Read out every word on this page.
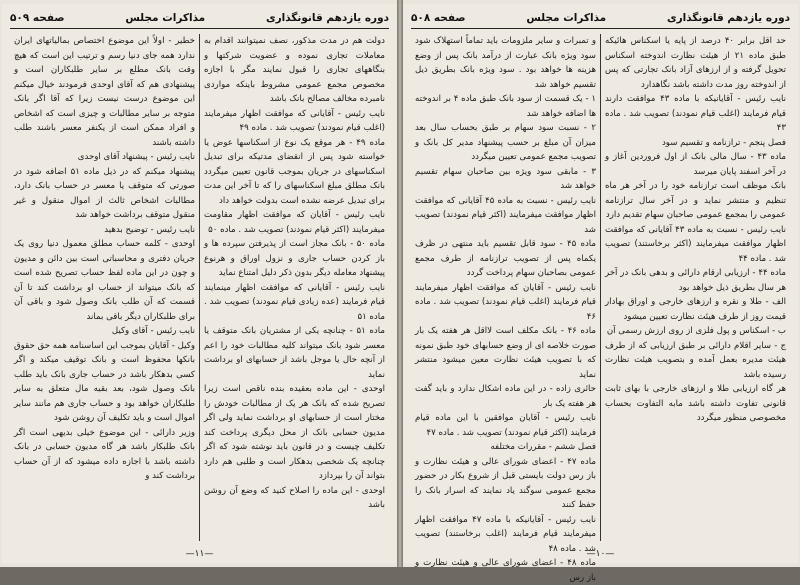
دوره یازدهم قانونگذاری
مذاکرات مجلس
صفحه ۵۰۹

دولت هم در مدت مذکور، نصف نمیتوانند اقدام به معاملات تجاری نموده و عضویت شرکتها و بنگاههای تجاری را قبول نمایند مگر با اجازه مخصوص مجمع عمومی مشروط باینکه مواردی نامبرده مخالف مصالح بانک باشد

نایب رئیس - آقایانی که موافقت اظهار میفرمایند (اغلب قیام نمودند) تصویب شد . ماده ۴۹

ماده ۴۹ - هر موقع یک نوع از اسکناسها عوض یا خواسته شود پس از انقضای مدتیکه برای تبدیل اسکناسهای در جریان بموجب قانون تعیین میگردد بانک مطلق مبلغ اسکناسهای را که تا آخر این مدت برای تبدیل عرضه نشده است بدولت خواهد داد

نایب رئیس - آقایان که موافقت اظهار مقاومت میفرمایند (اکثر قیام نمودند) تصویب شد . ماده ۵۰

ماده ۵۰ - بانک مجاز است از پذیرفتن سپرده ها و باز کردن حساب جاری و نزول اوراق و هرنوع پیشنهاد معامله دیگر بدون ذکر دلیل امتناع نماید

نایب رئیس - آقایانی که موافقت اظهار مینمایند قیام فرمایند (عده زیادی قیام نمودند) تصویب شد . ماده ۵۱

ماده ۵۱ - چنانچه یکی از مشتریان بانک متوقف یا معسر شود بانک میتواند کلیه مطالبات خود را اعم از آنچه حال یا موجل باشد از حسابهای او برداشت نماید

اوحدی - این ماده بعقیده بنده ناقص است زیرا تصریح شده که بانک هر یک از مطالبات خودش را مختار است از حسابهای او برداشت نماید ولی اگر مدیون حسابی بانک از محل دیگری پرداخت کند تکلیف چیست و در قانون باید نوشته شود که اگر چنانچه یک شخصی بدهکار است و طلبی هم دارد بتواند آن را بپردازد

اوحدی - این ماده را اصلاح کنید که وضع آن روشن باشد

خطیر - اولاً این موضوع اختصاص بمالیاتهای ایران ندارد همه جای دنیا رسم و ترتیب این است که هیچ وقت بانک مطلع بر سایر طلبکاران است و پیشنهادی هم که آقای اوحدی فرمودند خیال میکنم این موضوع درست نیست زیرا که آقا اگر بانک متوجه بر سایر مطالبات و چیزی است که اشخاص و افراد ممکن است از یکنفر معسر باشند طلب داشته باشند

نایب رئیس - پیشنهاد آقای اوحدی

پیشنهاد میکنم که در ذیل ماده ۵۱ اضافه شود در صورتی که متوقف یا معسر در حساب بانک دارد، مطالبات اشخاص ثالث از اموال منقول و غیر منقول متوقف برداشت خواهد شد

نایب رئیس - توضیح بدهید

اوحدی - کلمه حساب مطلق معمول دنیا روی یک جریان دفتری و محاسباتی است بین دائن و مدیون و چون در این ماده لفظ حساب تصریح شده است که بانک میتواند از حساب او برداشت کند تا آن قسمت که آن طلب بانک وصول شود و باقی آن برای طلبکاران دیگر باقی بماند

نایب رئیس - آقای وکیل

وکیل - آقایان بموجب این اساسنامه همه حق حقوق بانکها محفوظ است و بانک توقیف میکند و اگر کسی بدهکار باشد در حساب جاری بانک باید طلب بانک وصول شود، بعد بقیه مال متعلق به سایر طلبکاران خواهد بود و حساب جاری هم مانند سایر اموال است و باید تکلیف آن روشن شود

وزیر دارائی - این موضوع خیلی بدیهی است اگر بانک طلبکار باشد هر گاه مدیون حسابی در بانک داشته باشد با اجازه داده میشود که از آن حساب برداشت کند و

—۱۱—
دوره یازدهم قانونگذاری
مذاکرات مجلس
صفحه ۵۰۸

حد اقل برابر ۴۰ درصد از پایه یا اسکناس هائیکه طبق ماده ۲۱ از هیئت نظارت اندوخته اسکناس تحویل گرفته و از ارزهای آزاد بانک تجارتی که پس از اندوخته روز مدت داشته باشد نگاهدارد

نایب رئیس - آقایانیکه با ماده ۴۳ موافقت دارند قیام فرمایند (اغلب قیام نمودند) تصویب شد . ماده ۴۳

فصل پنجم - ترازنامه و تقسیم سود

ماده ۴۳ - سال مالی بانک از اول فروردین آغاز و در آخر اسفند پایان میرسد

بانک موظف است ترازنامه خود را در آخر هر ماه تنظیم و منتشر نماید و در آخر سال ترازنامه عمومی را بمجمع عمومی صاحبان سهام تقدیم دارد

نایب رئیس - نسبت به ماده ۴۳ آقایانی که موافقت اظهار موافقت میفرمایند (اکثر برخاستند) تصویب شد . ماده ۴۴

ماده ۴۴ - ارزیابی ارقام دارائی و بدهی بانک در آخر هر سال بطریق ذیل خواهد بود

الف - طلا و نقره و ارزهای خارجی و اوراق بهادار قیمت روز از طرف هیئت نظارت تعیین میشود

ب - اسکناس و پول فلزی از روی ارزش رسمی آن

ج - سایر اقلام دارائی بر طبق ارزیابی که از طرف هیئت مدیره بعمل آمده و بتصویب هیئت نظارت رسیده باشد

هر گاه ارزیابی طلا و ارزهای خارجی با بهای ثابت قانونی تفاوت داشته باشد مابه التفاوت بحساب مخصوصی منظور میگردد

و تمبرات و سایر ملزومات باید تماماً استهلاک شود سود ویژه بانک عبارت از درآمد بانک پس از وضع هزینه ها خواهد بود . سود ویژه بانک بطریق ذیل تقسیم خواهد شد

۱ - یک قسمت از سود بانک طبق ماده ۴ بر اندوخته ها اضافه خواهد شد

۲ - نسبت سود سهام بر طبق بحساب سال بعد میزان آن مبلغ بر حسب پیشنهاد مدیر کل بانک و تصویب مجمع عمومی تعیین میگردد

۳ - مابقی سود ویژه بین صاحبان سهام تقسیم خواهد شد

نایب رئیس - نسبت به ماده ۴۵ آقایانی که موافقت اظهار موافقت میفرمایند (اکثر قیام نمودند) تصویب شد

ماده ۴۵ - سود قابل تقسیم باید منتهی در ظرف یکماه پس از تصویب ترازنامه از طرف مجمع عمومی بصاحبان سهام پرداخت گردد

نایب رئیس - آقایان که موافقت اظهار میفرمایند قیام فرمایند (اغلب قیام نمودند) تصویب شد . ماده ۴۶

ماده ۴۶ - بانک مکلف است لااقل هر هفته یک بار صورت خلاصه ای از وضع حسابهای خود طبق نمونه که با تصویب هیئت نظارت معین میشود منتشر نماید

حائری زاده - در این ماده اشکال ندارد و باید گفت هر هفته یک بار

نایب رئیس - آقایان موافقین با این ماده قیام فرمایند (اکثر قیام نمودند) تصویب شد . ماده ۴۷

فصل ششم - مقررات مختلفه

ماده ۴۷ - اعضای شورای عالی و هیئت نظارت و باز رس دولت بایستی قبل از شروع بکار در حضور مجمع عمومی سوگند یاد نمایند که اسرار بانک را حفظ کنند

نایب رئیس - آقایانیکه با ماده ۴۷ موافقت اظهار میفرمایند قیام فرمایند (اغلب برخاستند) تصویب شد . ماده ۴۸

ماده ۴۸ - اعضای شورای عالی و هیئت نظارت و باز رس

—۱۰—
